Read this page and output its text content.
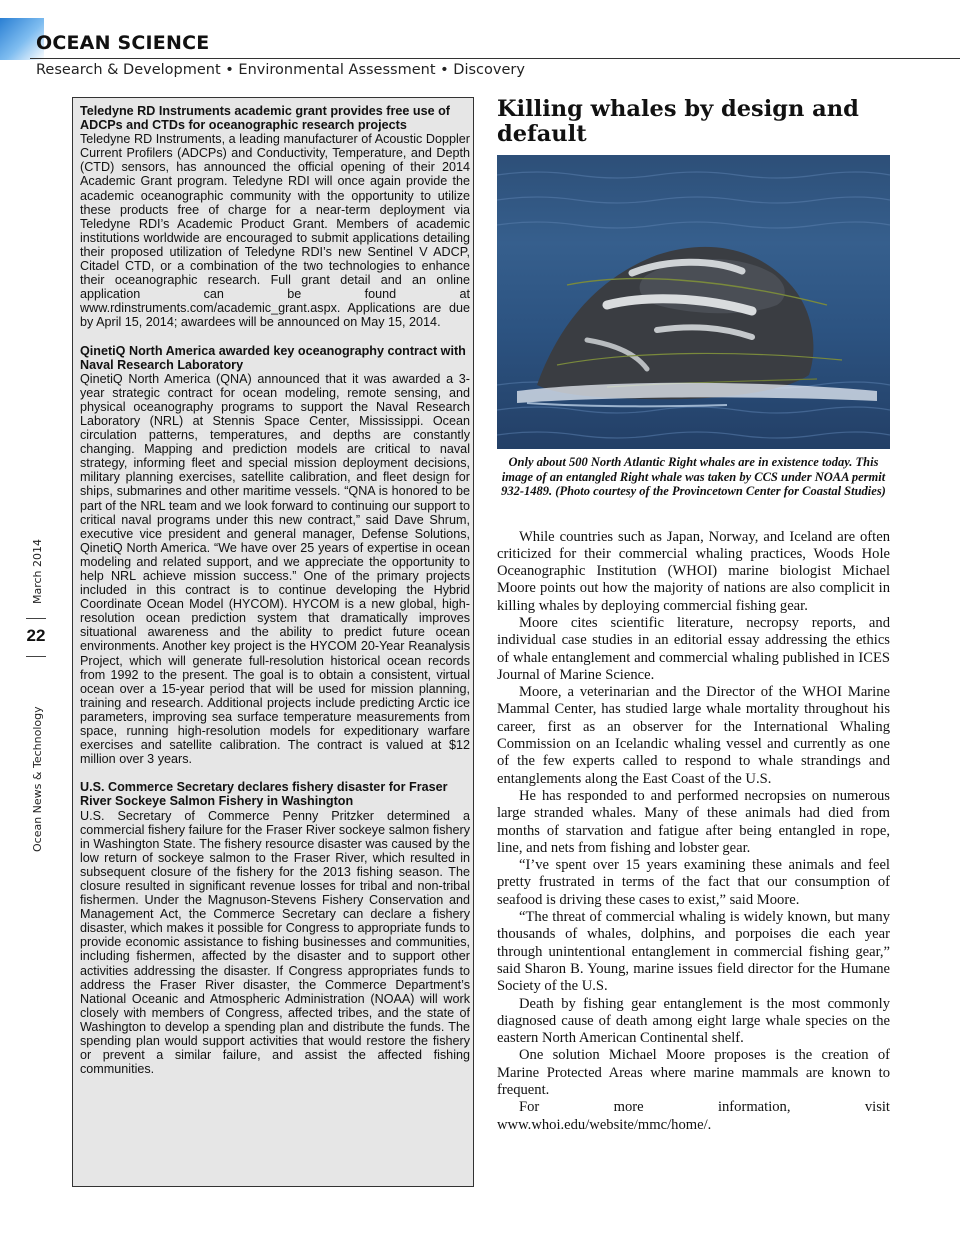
OCEAN SCIENCE
Research & Development • Environmental Assessment • Discovery
March 2014
22
Ocean News & Technology
Teledyne RD Instruments academic grant provides free use of ADCPs and CTDs for oceanographic research projects
Teledyne RD Instruments, a leading manufacturer of Acoustic Doppler Current Profilers (ADCPs) and Conductivity, Temperature, and Depth (CTD) sensors, has announced the official opening of their 2014 Academic Grant program. Teledyne RDI will once again provide the academic oceanographic community with the opportunity to utilize these products free of charge for a near-term deployment via Teledyne RDI’s Academic Product Grant. Members of academic institutions worldwide are encouraged to submit applications detailing their proposed utilization of Teledyne RDI’s new Sentinel V ADCP, Citadel CTD, or a combination of the two technologies to enhance their oceanographic research. Full grant detail and an online application can be found at www.rdinstruments.com/academic_grant.aspx. Applications are due by April 15, 2014; awardees will be announced on May 15, 2014.
QinetiQ North America awarded key oceanography contract with Naval Research Laboratory
QinetiQ North America (QNA) announced that it was awarded a 3-year strategic contract for ocean modeling, remote sensing, and physical oceanography programs to support the Naval Research Laboratory (NRL) at Stennis Space Center, Mississippi. Ocean circulation patterns, temperatures, and depths are constantly changing. Mapping and prediction models are critical to naval strategy, informing fleet and special mission deployment decisions, military planning exercises, satellite calibration, and fleet design for ships, submarines and other maritime vessels. “QNA is honored to be part of the NRL team and we look forward to continuing our support to critical naval programs under this new contract,” said Dave Shrum, executive vice president and general manager, Defense Solutions, QinetiQ North America. “We have over 25 years of expertise in ocean modeling and related support, and we appreciate the opportunity to help NRL achieve mission success.” One of the primary projects included in this contract is to continue developing the Hybrid Coordinate Ocean Model (HYCOM). HYCOM is a new global, high-resolution ocean prediction system that dramatically improves situational awareness and the ability to predict future ocean environments. Another key project is the HYCOM 20-Year Reanalysis Project, which will generate full-resolution historical ocean records from 1992 to the present. The goal is to obtain a consistent, virtual ocean over a 15-year period that will be used for mission planning, training and research. Additional projects include predicting Arctic ice parameters, improving sea surface temperature measurements from space, running high-resolution models for expeditionary warfare exercises and satellite calibration. The contract is valued at $12 million over 3 years.
U.S. Commerce Secretary declares fishery disaster for Fraser River Sockeye Salmon Fishery in Washington
U.S. Secretary of Commerce Penny Pritzker determined a commercial fishery failure for the Fraser River sockeye salmon fishery in Washington State. The fishery resource disaster was caused by the low return of sockeye salmon to the Fraser River, which resulted in subsequent closure of the fishery for the 2013 fishing season. The closure resulted in significant revenue losses for tribal and non-tribal fishermen. Under the Magnuson-Stevens Fishery Conservation and Management Act, the Commerce Secretary can declare a fishery disaster, which makes it possible for Congress to appropriate funds to provide economic assistance to fishing businesses and communities, including fishermen, affected by the disaster and to support other activities addressing the disaster. If Congress appropriates funds to address the Fraser River disaster, the Commerce Department’s National Oceanic and Atmospheric Administration (NOAA) will work closely with members of Congress, affected tribes, and the state of Washington to develop a spending plan and distribute the funds. The spending plan would support activities that would restore the fishery or prevent a similar failure, and assist the affected fishing communities.
Killing whales by design and default

Only about 500 North Atlantic Right whales are in existence today. This image of an entangled Right whale was taken by CCS under NOAA permit 932-1489. (Photo courtesy of the Provincetown Center for Coastal Studies)

While countries such as Japan, Norway, and Iceland are often criticized for their commercial whaling practices, Woods Hole Oceanographic Institution (WHOI) marine biologist Michael Moore points out how the majority of nations are also complicit in killing whales by deploying commercial fishing gear.

Moore cites scientific literature, necropsy reports, and individual case studies in an editorial essay addressing the ethics of whale entanglement and commercial whaling published in ICES Journal of Marine Science.

Moore, a veterinarian and the Director of the WHOI Marine Mammal Center, has studied large whale mortality throughout his career, first as an observer for the International Whaling Commission on an Icelandic whaling vessel and currently as one of the few experts called to respond to whale strandings and entanglements along the East Coast of the U.S.

He has responded to and performed necropsies on numerous large stranded whales. Many of these animals had died from months of starvation and fatigue after being entangled in rope, line, and nets from fishing and lobster gear.

“I’ve spent over 15 years examining these animals and feel pretty frustrated in terms of the fact that our consumption of seafood is driving these cases to exist,” said Moore.

“The threat of commercial whaling is widely known, but many thousands of whales, dolphins, and porpoises die each year through unintentional entanglement in commercial fishing gear,” said Sharon B. Young, marine issues field director for the Humane Society of the U.S.

Death by fishing gear entanglement is the most commonly diagnosed cause of death among eight large whale species on the eastern North American Continental shelf.

One solution Michael Moore proposes is the creation of Marine Protected Areas where marine mammals are known to frequent.

For more information, visit www.whoi.edu/website/mmc/home/.
